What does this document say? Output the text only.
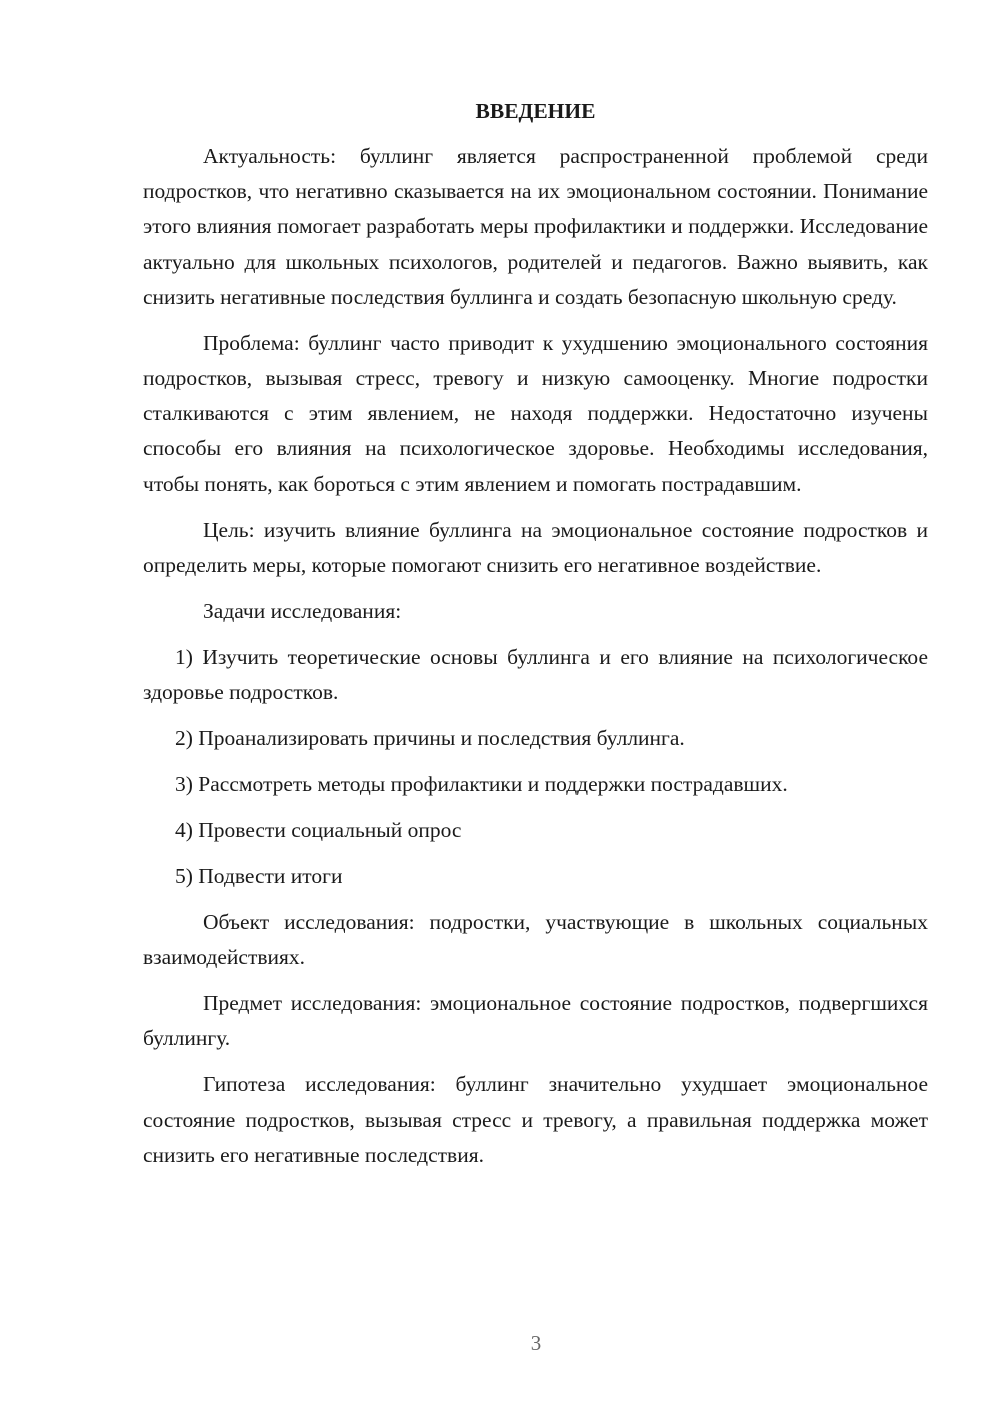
ВВЕДЕНИЕ

Актуальность: буллинг является распространенной проблемой среди подростков, что негативно сказывается на их эмоциональном состоянии. Понимание этого влияния помогает разработать меры профилактики и поддержки. Исследование актуально для школьных психологов, родителей и педагогов. Важно выявить, как снизить негативные последствия буллинга и создать безопасную школьную среду.

Проблема: буллинг часто приводит к ухудшению эмоционального состояния подростков, вызывая стресс, тревогу и низкую самооценку. Многие подростки сталкиваются с этим явлением, не находя поддержки. Недостаточно изучены способы его влияния на психологическое здоровье. Необходимы исследования, чтобы понять, как бороться с этим явлением и помогать пострадавшим.

Цель: изучить влияние буллинга на эмоциональное состояние подростков и определить меры, которые помогают снизить его негативное воздействие.

Задачи исследования:

1) Изучить теоретические основы буллинга и его влияние на психологическое здоровье подростков.

2) Проанализировать причины и последствия буллинга.

3) Рассмотреть методы профилактики и поддержки пострадавших.

4) Провести социальный опрос

5) Подвести итоги

Объект исследования: подростки, участвующие в школьных социальных взаимодействиях.

Предмет исследования: эмоциональное состояние подростков, подвергшихся буллингу.

Гипотеза исследования: буллинг значительно ухудшает эмоциональное состояние подростков, вызывая стресс и тревогу, а правильная поддержка может снизить его негативные последствия.

3
